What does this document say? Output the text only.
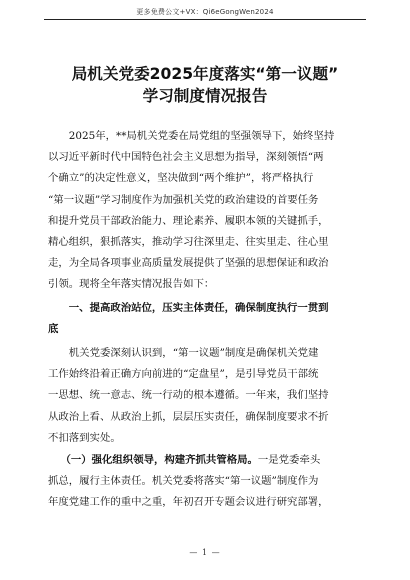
更多免费公文+VX：Qi6eGongWen2024
局机关党委2025年度落实“第一议题”
学习制度情况报告
2025年，**局机关党委在局党组的坚强领导下，始终坚持
以习近平新时代中国特色社会主义思想为指导，深刻领悟“两
个确立”的决定性意义，坚决做到“两个维护”，将严格执行
“第一议题”学习制度作为加强机关党的政治建设的首要任务
和提升党员干部政治能力、理论素养、履职本领的关键抓手，
精心组织，狠抓落实，推动学习往深里走、往实里走、往心里
走，为全局各项事业高质量发展提供了坚强的思想保证和政治
引领。现将全年落实情况报告如下：
一、提高政治站位，压实主体责任，确保制度执行一贯到
底
机关党委深刻认识到，“第一议题”制度是确保机关党建
工作始终沿着正确方向前进的“定盘星”，是引导党员干部统
一思想、统一意志、统一行动的根本遵循。一年来，我们坚持
从政治上看、从政治上抓，层层压实责任，确保制度要求不折
不扣落到实处。
（一）强化组织领导，构建齐抓共管格局。一是党委牵头
抓总，履行主体责任。机关党委将落实“第一议题”制度作为
年度党建工作的重中之重，年初召开专题会议进行研究部署，
— 1 —
